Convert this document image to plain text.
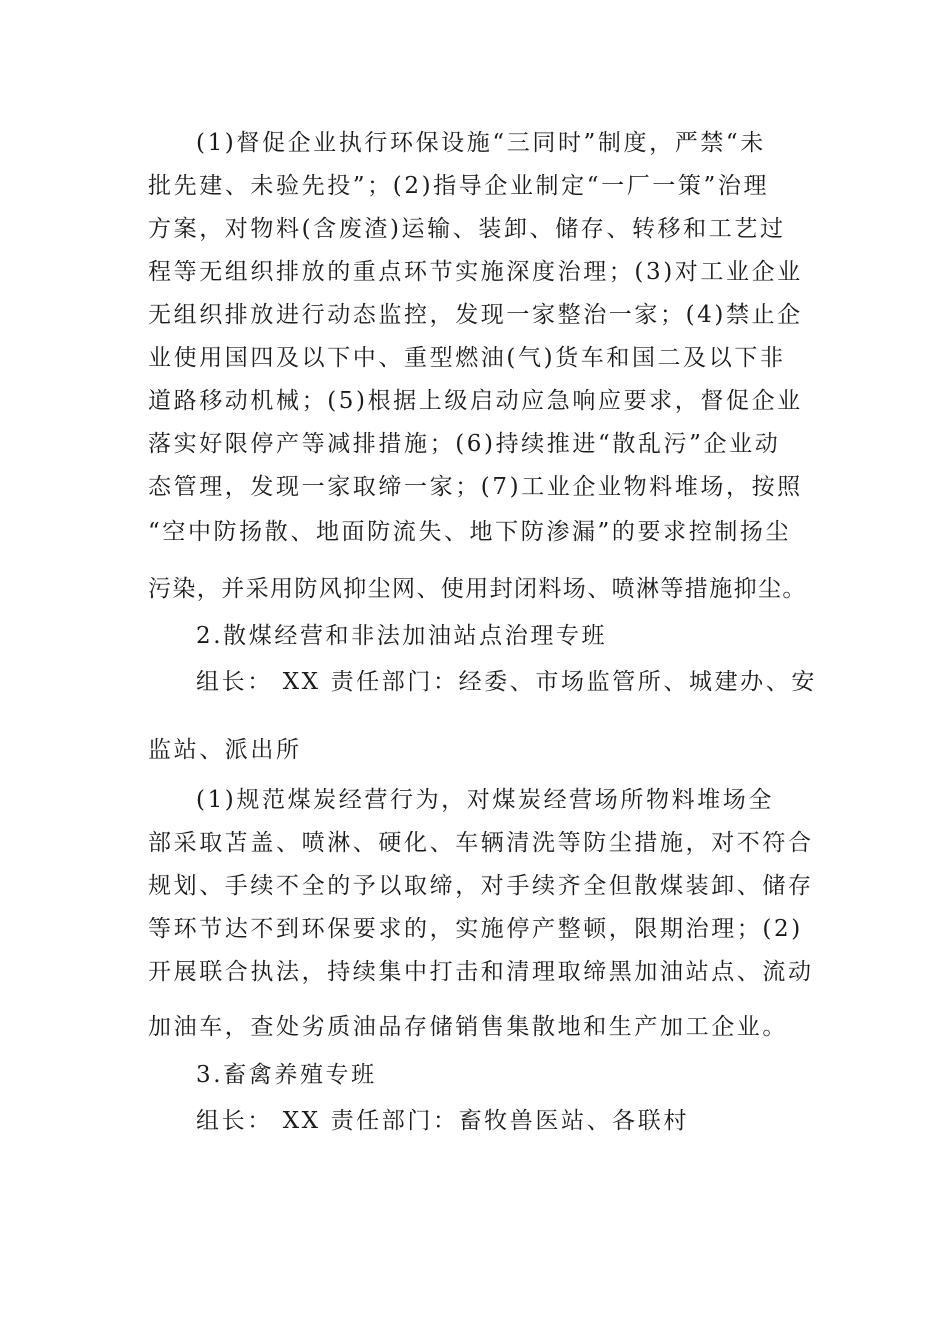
(1)督促企业执行环保设施“三同时”制度，严禁“未
批先建、未验先投”；(2)指导企业制定“一厂一策”治理
方案，对物料(含废渣)运输、装卸、储存、转移和工艺过
程等无组织排放的重点环节实施深度治理；(3)对工业企业
无组织排放进行动态监控，发现一家整治一家；(4)禁止企
业使用国四及以下中、重型燃油(气)货车和国二及以下非
道路移动机械；(5)根据上级启动应急响应要求，督促企业
落实好限停产等减排措施；(6)持续推进“散乱污”企业动
态管理，发现一家取缔一家；(7)工业企业物料堆场，按照
“空中防扬散、地面防流失、地下防渗漏”的要求控制扬尘
污染，并采用防风抑尘网、使用封闭料场、喷淋等措施抑尘。
2.散煤经营和非法加油站点治理专班
组长： XX 责任部门：经委、市场监管所、城建办、安
监站、派出所
(1)规范煤炭经营行为，对煤炭经营场所物料堆场全
部采取苫盖、喷淋、硬化、车辆清洗等防尘措施，对不符合
规划、手续不全的予以取缔，对手续齐全但散煤装卸、储存
等环节达不到环保要求的，实施停产整顿，限期治理；(2)
开展联合执法，持续集中打击和清理取缔黑加油站点、流动
加油车，查处劣质油品存储销售集散地和生产加工企业。
3.畜禽养殖专班
组长： XX 责任部门：畜牧兽医站、各联村
